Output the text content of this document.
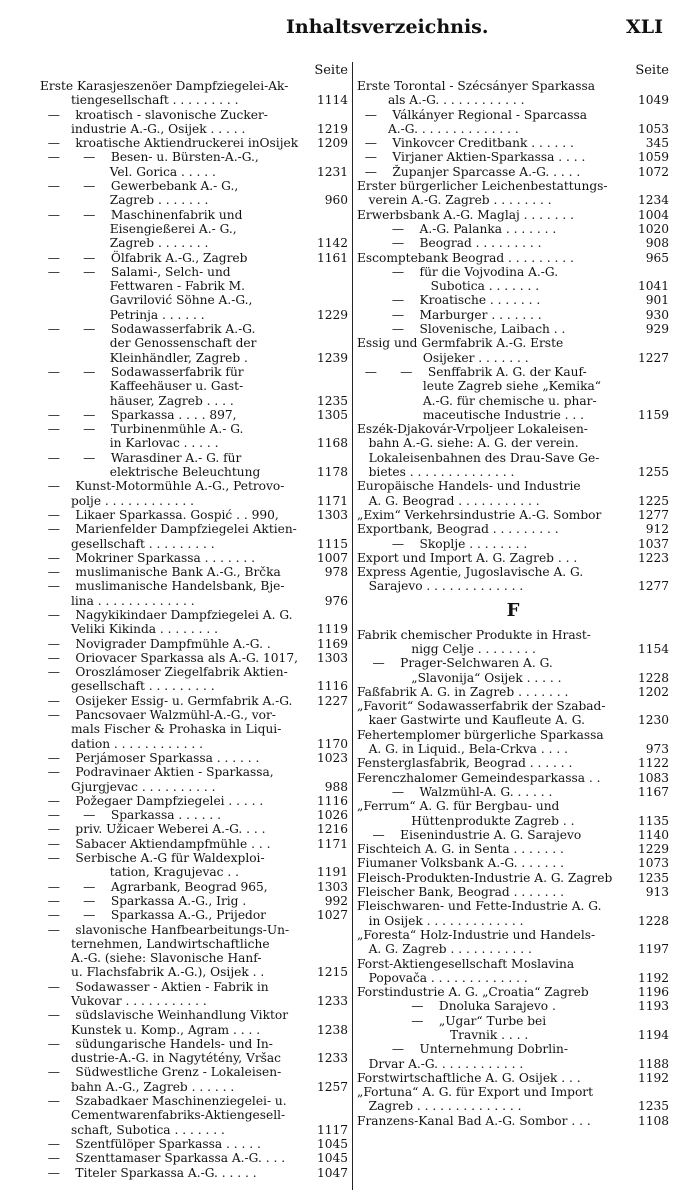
Inhaltsverzeichnis.	XLI
Seite
Erste Karasjeszenöer Dampfziegelei-Ak-
tiengesellschaft . . . . . . . . .	1114
—    kroatisch - slavonische Zucker-
industrie A.-G., Osijek . . . . .	1219
—    kroatische Aktiendruckerei inOsijek	1209
—      —    Besen- u. Bürsten-A.-G.,
Vel. Gorica . . . . .	1231
—      —    Gewerbebank A.- G.,
Zagreb . . . . . . .	960
—      —    Maschinenfabrik und
Eisengießerei A.- G.,
Zagreb . . . . . . .	1142
—      —    Ölfabrik A.-G., Zagreb	1161
—      —    Salami-, Selch- und
Fettwaren - Fabrik M.
Gavrilović Söhne A.-G.,
Petrinja . . . . . .	1229
—      —    Sodawasserfabrik A.-G.
der Genossenschaft der
Kleinhändler, Zagreb .	1239
—      —    Sodawasserfabrik für
Kaffeehäuser u. Gast-
häuser, Zagreb . . . .	1235
—      —    Sparkassa . . . . 897,	1305
—      —    Turbinenmühle A.- G.
in Karlovac . . . . .	1168
—      —    Warasdiner A.- G. für
elektrische Beleuchtung	1178
—    Kunst-Motormühle A.-G., Petrovo-
polje . . . . . . . . . . . .	1171
—    Likaer Sparkassa. Gospić . . 990,	1303
—    Marienfelder Dampfziegelei Aktien-
gesellschaft . . . . . . . . .	1115
—    Mokriner Sparkassa . . . . . . .	1007
—    muslimanische Bank A.-G., Brčka	978
—    muslimanische Handelsbank, Bje-
lina . . . . . . . . . . . . .	976
—    Nagykikindaer Dampfziegelei A. G.
Veliki Kikinda . . . . . . . .	1119
—    Novigrader Dampfmühle A.-G. .	1169
—    Oriovacer Sparkassa als A.-G. 1017,	1303
—    Oroszlámoser Ziegelfabrik Aktien-
gesellschaft . . . . . . . . .	1116
—    Osijeker Essig- u. Germfabrik A.-G.	1227
—    Pancsovaer Walzmühl-A.-G., vor-
mals Fischer & Prohaska in Liqui-
dation . . . . . . . . . . . .	1170
—    Perjámoser Sparkassa . . . . . .	1023
—    Podravinaer Aktien - Sparkassa,
Gjurgjevac . . . . . . . . . .	988
—    Požegaer Dampfziegelei . . . . .	1116
—      —    Sparkassa . . . . . .	1026
—    priv. Užicaer Weberei A.-G. . . .	1216
—    Sabacer Aktiendampfmühle . . .	1171
—    Serbische A.-G für Waldexploi-
tation, Kragujevac . .	1191
—      —    Agrarbank, Beograd 965,	1303
—      —    Sparkassa A.-G., Irig .	992
—      —    Sparkassa A.-G., Prijedor	1027
—    slavonische Hanfbearbeitungs-Un-
ternehmen, Landwirtschaftliche
A.-G. (siehe: Slavonische Hanf-
u. Flachsfabrik A.-G.), Osijek . .	1215
—    Sodawasser - Aktien - Fabrik in
Vukovar . . . . . . . . . . .	1233
—    südslavische Weinhandlung Viktor
Kunstek u. Komp., Agram . . . .	1238
—    südungarische Handels- und In-
dustrie-A.-G. in Nagytétény, Vršac	1233
—    Südwestliche Grenz - Lokaleisen-
bahn A.-G., Zagreb . . . . . .	1257
—    Szabadkaer Maschinenziegelei- u.
Cementwarenfabriks-Aktiengesell-
schaft, Subotica . . . . . . .	1117
—    Szentfülöper Sparkassa . . . . .	1045
—    Szenttamaser Sparkassa A.-G. . . .	1045
—    Titeler Sparkassa A.-G. . . . . .	1047
Seite
Erste Torontal - Szécsányer Sparkassa
als A.-G. . . . . . . . . . . .	1049
—    Válkányer Regional - Sparcassa
A.-G. . . . . . . . . . . . . .	1053
—    Vinkovcer Creditbank . . . . . .	345
—    Virjaner Aktien-Sparkassa . . . .	1059
—    Županjer Sparcasse A.-G. . . . .	1072
Erster bürgerlicher Leichenbestattungs-
verein A.-G. Zagreb . . . . . . . .	1234
Erwerbsbank A.-G. Maglaj . . . . . . .	1004
—    A.-G. Palanka . . . . . . .	1020
—    Beograd . . . . . . . . .	908
Escomptebank Beograd . . . . . . . . .	965
—    für die Vojvodina A.-G.
Subotica . . . . . . .	1041
—    Kroatische . . . . . . .	901
—    Marburger . . . . . . .	930
—    Slovenische, Laibach . .	929
Essig und Germfabrik A.-G. Erste
Osijeker . . . . . . .	1227
—      —    Senffabrik A. G. der Kauf-
leute Zagreb siehe „Kemika“
A.-G. für chemische u. phar-
maceutische Industrie . . .	1159
Eszék-Djakovár-Vrpoljeer Lokaleisen-
bahn A.-G. siehe: A. G. der verein.
Lokaleisenbahnen des Drau-Save Ge-
bietes . . . . . . . . . . . . . .	1255
Europäische Handels- und Industrie
A. G. Beograd . . . . . . . . . . .	1225
„Exim“ Verkehrsindustrie A.-G. Sombor	1277
Exportbank, Beograd . . . . . . . . .	912
—    Skoplje . . . . . . . .	1037
Export und Import A. G. Zagreb . . .	1223
Express Agentie, Jugoslavische A. G.
Sarajevo . . . . . . . . . . . . .	1277
F
Fabrik chemischer Produkte in Hrast-
nigg Celje . . . . . . . .	1154
—    Prager-Selchwaren A. G.
„Slavonija“ Osijek . . . . .	1228
Faßfabrik A. G. in Zagreb . . . . . . .	1202
„Favorit“ Sodawasserfabrik der Szabad-
kaer Gastwirte und Kaufleute A. G.	1230
Fehertemplomer bürgerliche Sparkassa
A. G. in Liquid., Bela-Crkva . . . .	973
Fensterglasfabrik, Beograd . . . . . .	1122
Ferenczhalomer Gemeindesparkassa . .	1083
—    Walzmühl-A. G. . . . . .	1167
„Ferrum“ A. G. für Bergbau- und
Hüttenprodukte Zagreb . .	1135
—    Eisenindustrie A. G. Sarajevo	1140
Fischteich A. G. in Senta . . . . . . .	1229
Fiumaner Volksbank A.-G. . . . . . .	1073
Fleisch-Produkten-Industrie A. G. Zagreb	1235
Fleischer Bank, Beograd . . . . . . .	913
Fleischwaren- und Fette-Industrie A. G.
in Osijek . . . . . . . . . . . . .	1228
„Foresta“ Holz-Industrie und Handels-
A. G. Zagreb . . . . . . . . . . .	1197
Forst-Aktiengesellschaft Moslavina
Popovača . . . . . . . . . . . . .	1192
Forstindustrie A. G. „Croatia“ Zagreb	1196
—    Dnoluka Sarajevo .	1193
—    „Ugar“ Turbe bei
Travnik . . . .	1194
—    Unternehmung Dobrlin-
Drvar A.-G. . . . . . . . . . . .	1188
Forstwirtschaftliche A. G. Osijek . . .	1192
„Fortuna“ A. G. für Export und Import
Zagreb . . . . . . . . . . . . . .	1235
Franzens-Kanal Bad A.-G. Sombor . . .	1108
